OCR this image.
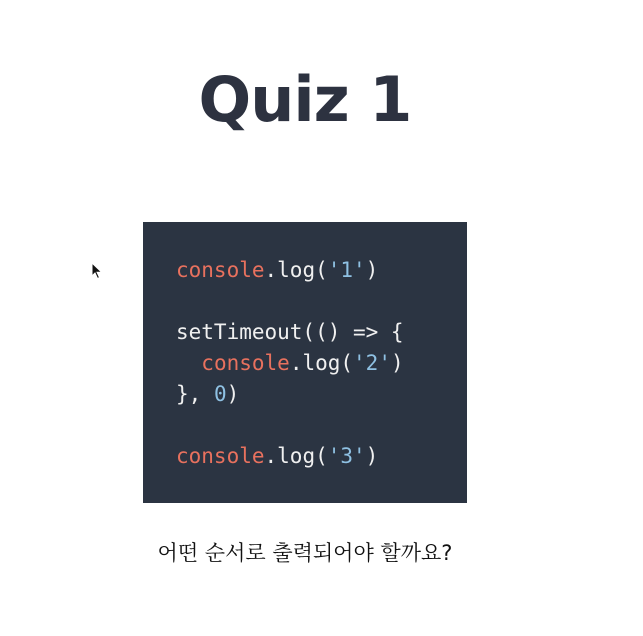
Quiz 1
console.log('1')
setTimeout(() => {
console.log('2')
}, 0)
console.log('3')
어떤 순서로 출력되어야 할까요?
